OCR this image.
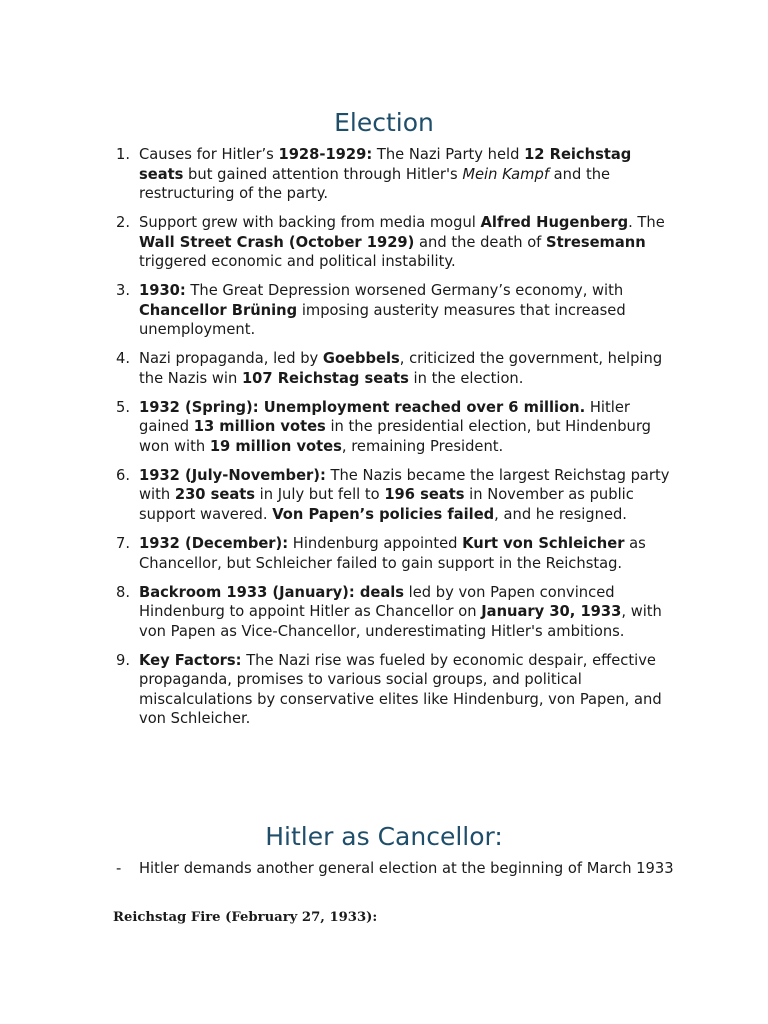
Election
1. Causes for Hitler’s 1928-1929: The Nazi Party held 12 Reichstag seats but gained attention through Hitler's Mein Kampf and the restructuring of the party.
2. Support grew with backing from media mogul Alfred Hugenberg. The Wall Street Crash (October 1929) and the death of Stresemann triggered economic and political instability.
3. 1930: The Great Depression worsened Germany’s economy, with Chancellor Brüning imposing austerity measures that increased unemployment.
4. Nazi propaganda, led by Goebbels, criticized the government, helping the Nazis win 107 Reichstag seats in the election.
5. 1932 (Spring): Unemployment reached over 6 million. Hitler gained 13 million votes in the presidential election, but Hindenburg won with 19 million votes, remaining President.
6. 1932 (July-November): The Nazis became the largest Reichstag party with 230 seats in July but fell to 196 seats in November as public support wavered. Von Papen’s policies failed, and he resigned.
7. 1932 (December): Hindenburg appointed Kurt von Schleicher as Chancellor, but Schleicher failed to gain support in the Reichstag.
8. Backroom 1933 (January): deals led by von Papen convinced Hindenburg to appoint Hitler as Chancellor on January 30, 1933, with von Papen as Vice-Chancellor, underestimating Hitler's ambitions.
9. Key Factors: The Nazi rise was fueled by economic despair, effective propaganda, promises to various social groups, and political miscalculations by conservative elites like Hindenburg, von Papen, and von Schleicher.
Hitler as Cancellor:
- Hitler demands another general election at the beginning of March 1933

Reichstag Fire (February 27, 1933):
